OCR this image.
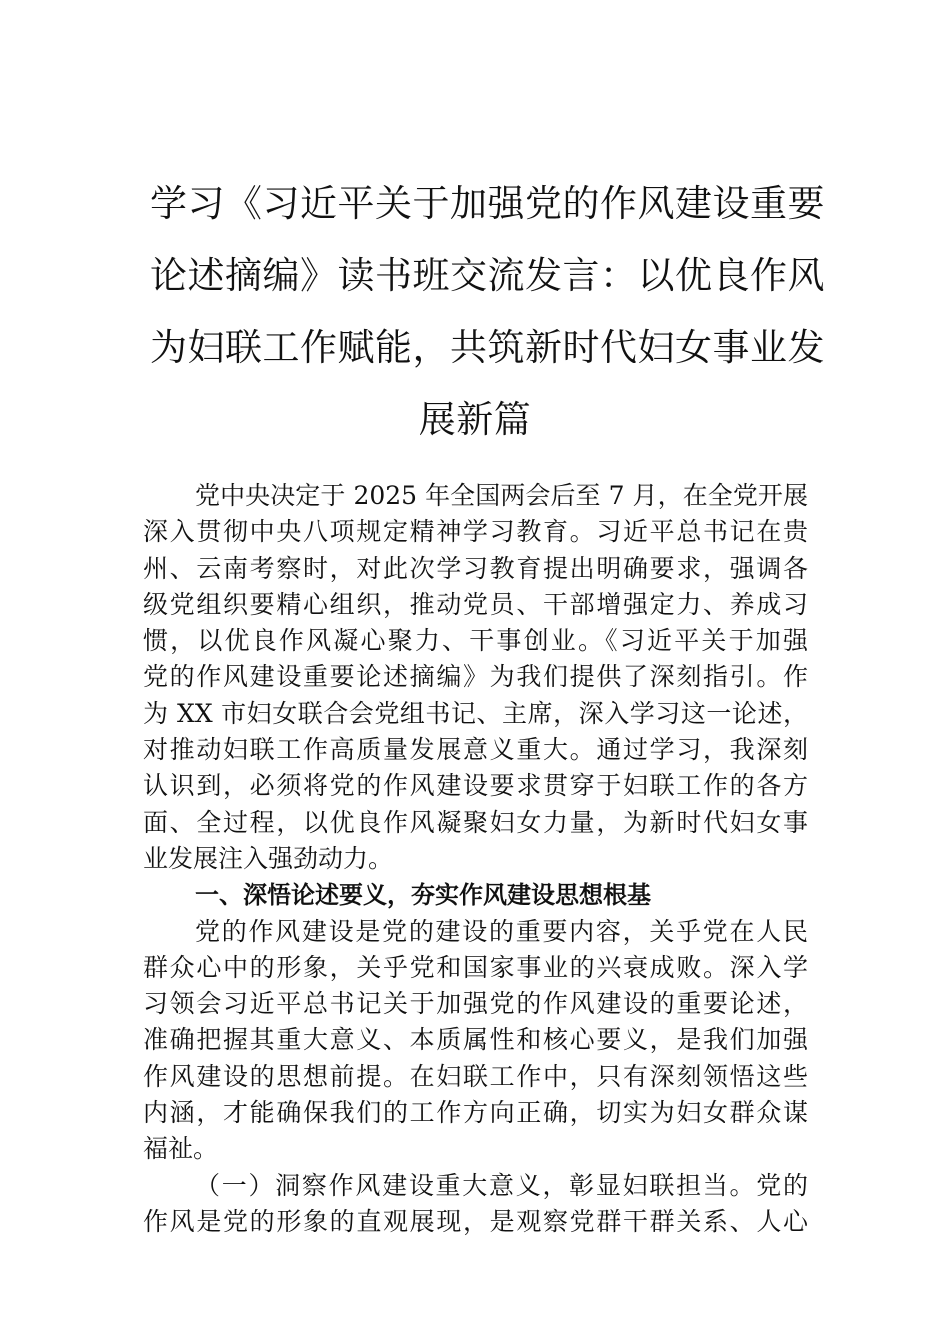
学习《习近平关于加强党的作风建设重要
论述摘编》读书班交流发言：以优良作风
为妇联工作赋能，共筑新时代妇女事业发
展新篇
党中央决定于 2025 年全国两会后至 7 月，在全党开展
深入贯彻中央八项规定精神学习教育。习近平总书记在贵
州、云南考察时，对此次学习教育提出明确要求，强调各
级党组织要精心组织，推动党员、干部增强定力、养成习
惯，以优良作风凝心聚力、干事创业。《习近平关于加强
党的作风建设重要论述摘编》为我们提供了深刻指引。作
为 XX 市妇女联合会党组书记、主席，深入学习这一论述，
对推动妇联工作高质量发展意义重大。通过学习，我深刻
认识到，必须将党的作风建设要求贯穿于妇联工作的各方
面、全过程，以优良作风凝聚妇女力量，为新时代妇女事
业发展注入强劲动力。
一、深悟论述要义，夯实作风建设思想根基
党的作风建设是党的建设的重要内容，关乎党在人民
群众心中的形象，关乎党和国家事业的兴衰成败。深入学
习领会习近平总书记关于加强党的作风建设的重要论述，
准确把握其重大意义、本质属性和核心要义，是我们加强
作风建设的思想前提。在妇联工作中，只有深刻领悟这些
内涵，才能确保我们的工作方向正确，切实为妇女群众谋
福祉。
（一）洞察作风建设重大意义，彰显妇联担当。党的
作风是党的形象的直观展现，是观察党群干群关系、人心
